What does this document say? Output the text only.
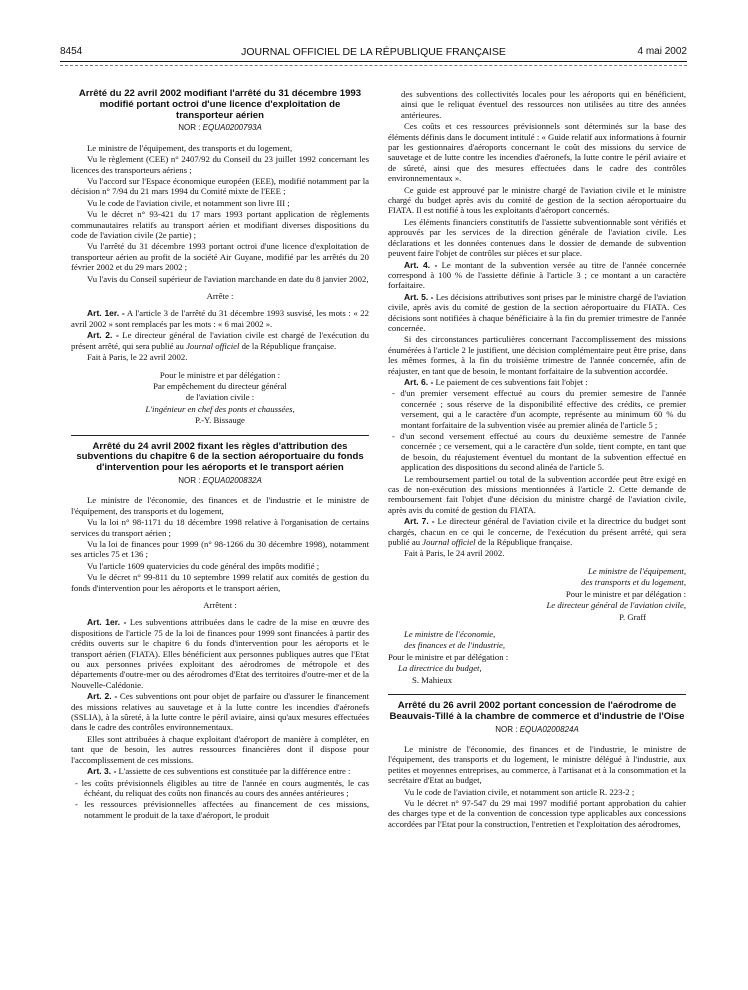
8454	JOURNAL OFFICIEL DE LA RÉPUBLIQUE FRANÇAISE	4 mai 2002
Arrêté du 22 avril 2002 modifiant l'arrêté du 31 décembre 1993 modifié portant octroi d'une licence d'exploitation de transporteur aérien
NOR : EQUA0200793A

Le ministre de l'équipement, des transports et du logement,

Vu le règlement (CEE) n° 2407/92 du Conseil du 23 juillet 1992 concernant les licences des transporteurs aériens ;

Vu l'accord sur l'Espace économique européen (EEE), modifié notamment par la décision n° 7/94 du 21 mars 1994 du Comité mixte de l'EEE ;

Vu le code de l'aviation civile, et notamment son livre III ;

Vu le décret n° 93-421 du 17 mars 1993 portant application de règlements communautaires relatifs au transport aérien et modifiant diverses dispositions du code de l'aviation civile (2e partie) ;

Vu l'arrêté du 31 décembre 1993 portant octroi d'une licence d'exploitation de transporteur aérien au profit de la société Air Guyane, modifié par les arrêtés du 20 février 2002 et du 29 mars 2002 ;

Vu l'avis du Conseil supérieur de l'aviation marchande en date du 8 janvier 2002,

Arrête :

Art. 1er. - A l'article 3 de l'arrêté du 31 décembre 1993 susvisé, les mots : « 22 avril 2002 » sont remplacés par les mots : « 6 mai 2002 ».

Art. 2. - Le directeur général de l'aviation civile est chargé de l'exécution du présent arrêté, qui sera publié au Journal officiel de la République française.

Fait à Paris, le 22 avril 2002.

Pour le ministre et par délégation :

Par empêchement du directeur général

de l'aviation civile :

L'ingénieur en chef des ponts et chaussées,

P.-Y. Bissauge

Arrêté du 24 avril 2002 fixant les règles d'attribution des subventions du chapitre 6 de la section aéroportuaire du fonds d'intervention pour les aéroports et le transport aérien
NOR : EQUA0200832A

Le ministre de l'économie, des finances et de l'industrie et le ministre de l'équipement, des transports et du logement,

Vu la loi n° 98-1171 du 18 décembre 1998 relative à l'organisation de certains services du transport aérien ;

Vu la loi de finances pour 1999 (n° 98-1266 du 30 décembre 1998), notamment ses articles 75 et 136 ;

Vu l'article 1609 quatervicies du code général des impôts modifié ;

Vu le décret n° 99-811 du 10 septembre 1999 relatif aux comités de gestion du fonds d'intervention pour les aéroports et le transport aérien,

Arrêtent :

Art. 1er. - Les subventions attribuées dans le cadre de la mise en œuvre des dispositions de l'article 75 de la loi de finances pour 1999 sont financées à partir des crédits ouverts sur le chapitre 6 du fonds d'intervention pour les aéroports et le transport aérien (FIATA). Elles bénéficient aux personnes publiques autres que l'Etat ou aux personnes privées exploitant des aérodromes de métropole et des départements d'outre-mer ou des aérodromes d'Etat des territoires d'outre-mer et de la Nouvelle-Calédonie.

Art. 2. - Ces subventions ont pour objet de parfaire ou d'assurer le financement des missions relatives au sauvetage et à la lutte contre les incendies d'aéronefs (SSLIA), à la sûreté, à la lutte contre le péril aviaire, ainsi qu'aux mesures effectuées dans le cadre des contrôles environnementaux.

Elles sont attribuées à chaque exploitant d'aéroport de manière à compléter, en tant que de besoin, les autres ressources financières dont il dispose pour l'accomplissement de ces missions.

Art. 3. - L'assiette de ces subventions est constituée par la différence entre :

- les coûts prévisionnels éligibles au titre de l'année en cours augmentés, le cas échéant, du reliquat des coûts non financés au cours des années antérieures ;
- les ressources prévisionnelles affectées au financement de ces missions, notamment le produit de la taxe d'aéroport, le produit
des subventions des collectivités locales pour les aéroports qui en bénéficient, ainsi que le reliquat éventuel des ressources non utilisées au titre des années antérieures.

Ces coûts et ces ressources prévisionnels sont déterminés sur la base des éléments définis dans le document intitulé : « Guide relatif aux informations à fournir par les gestionnaires d'aéroports concernant le coût des missions du service de sauvetage et de lutte contre les incendies d'aéronefs, la lutte contre le péril aviaire et de sûreté, ainsi que des mesures effectuées dans le cadre des contrôles environnementaux ».

Ce guide est approuvé par le ministre chargé de l'aviation civile et le ministre chargé du budget après avis du comité de gestion de la section aéroportuaire du FIATA. Il est notifié à tous les exploitants d'aéroport concernés.

Les éléments financiers constitutifs de l'assiette subventionnable sont vérifiés et approuvés par les services de la direction générale de l'aviation civile. Les déclarations et les données contenues dans le dossier de demande de subvention peuvent faire l'objet de contrôles sur pièces et sur place.

Art. 4. - Le montant de la subvention versée au titre de l'année concernée correspond à 100 % de l'assiette définie à l'article 3 ; ce montant a un caractère forfaitaire.

Art. 5. - Les décisions attributives sont prises par le ministre chargé de l'aviation civile, après avis du comité de gestion de la section aéroportuaire du FIATA. Ces décisions sont notifiées à chaque bénéficiaire à la fin du premier trimestre de l'année concernée.

Si des circonstances particulières concernant l'accomplissement des missions énumérées à l'article 2 le justifient, une décision complémentaire peut être prise, dans les mêmes formes, à la fin du troisième trimestre de l'année concernée, afin de réajuster, en tant que de besoin, le montant forfaitaire de la subvention accordée.

Art. 6. - Le paiement de ces subventions fait l'objet :

- d'un premier versement effectué au cours du premier semestre de l'année concernée ; sous réserve de la disponibilité effective des crédits, ce premier versement, qui a le caractère d'un acompte, représente au minimum 60 % du montant forfaitaire de la subvention visée au premier alinéa de l'article 5 ;
- d'un second versement effectué au cours du deuxième semestre de l'année concernée ; ce versement, qui a le caractère d'un solde, tient compte, en tant que de besoin, du réajustement éventuel du montant de la subvention effectué en application des dispositions du second alinéa de l'article 5.

Le remboursement partiel ou total de la subvention accordée peut être exigé en cas de non-exécution des missions mentionnées à l'article 2. Cette demande de remboursement fait l'objet d'une décision du ministre chargé de l'aviation civile, après avis du comité de gestion du FIATA.

Art. 7. - Le directeur général de l'aviation civile et la directrice du budget sont chargés, chacun en ce qui le concerne, de l'exécution du présent arrêté, qui sera publié au Journal officiel de la République française.

Fait à Paris, le 24 avril 2002.

Le ministre de l'équipement,

des transports et du logement,

Pour le ministre et par délégation :

Le directeur général de l'aviation civile,

P. Graff

Le ministre de l'économie,

des finances et de l'industrie,

Pour le ministre et par délégation :

La directrice du budget,

S. Mahieux

Arrêté du 26 avril 2002 portant concession de l'aérodrome de Beauvais-Tillé à la chambre de commerce et d'industrie de l'Oise
NOR : EQUA0200824A

Le ministre de l'économie, des finances et de l'industrie, le ministre de l'équipement, des transports et du logement, le ministre délégué à l'industrie, aux petites et moyennes entreprises, au commerce, à l'artisanat et à la consommation et la secrétaire d'Etat au budget,

Vu le code de l'aviation civile, et notamment son article R. 223-2 ;

Vu le décret n° 97-547 du 29 mai 1997 modifié portant approbation du cahier des charges type et de la convention de concession type applicables aux concessions accordées par l'Etat pour la construction, l'entretien et l'exploitation des aérodromes,
